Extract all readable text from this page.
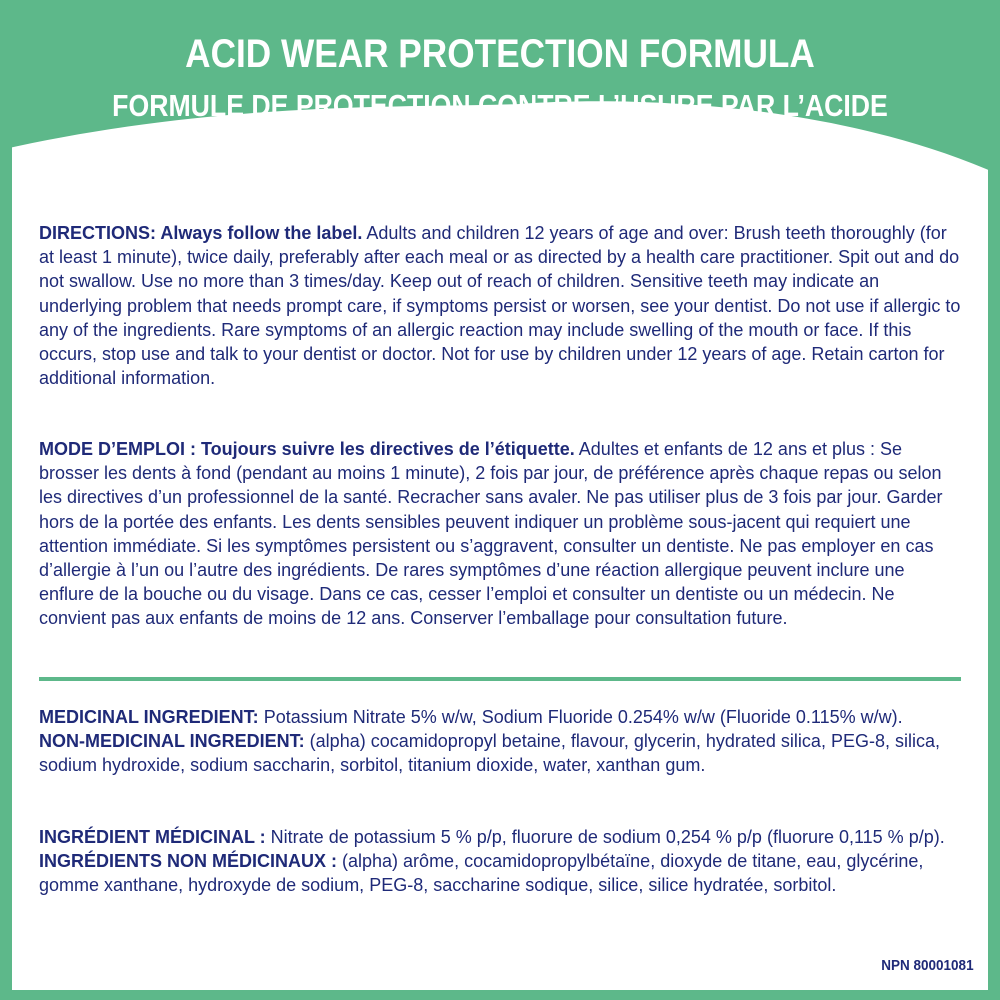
ACID WEAR PROTECTION FORMULA
FORMULE DE PROTECTION CONTRE L’USURE PAR L’ACIDE

DIRECTIONS: Always follow the label. Adults and children 12 years of age and over: Brush teeth thoroughly (for at least 1 minute), twice daily, preferably after each meal or as directed by a health care practitioner. Spit out and do not swallow. Use no more than 3 times/day. Keep out of reach of children. Sensitive teeth may indicate an underlying problem that needs prompt care, if symptoms persist or worsen, see your dentist. Do not use if allergic to any of the ingredients. Rare symptoms of an allergic reaction may include swelling of the mouth or face. If this occurs, stop use and talk to your dentist or doctor. Not for use by children under 12 years of age. Retain carton for additional information.

MODE D’EMPLOI : Toujours suivre les directives de l’étiquette. Adultes et enfants de 12 ans et plus : Se brosser les dents à fond (pendant au moins 1 minute), 2 fois par jour, de préférence après chaque repas ou selon les directives d’un professionnel de la santé. Recracher sans avaler. Ne pas utiliser plus de 3 fois par jour. Garder hors de la portée des enfants. Les dents sensibles peuvent indiquer un problème sous-jacent qui requiert une attention immédiate. Si les symptômes persistent ou s’aggravent, consulter un dentiste. Ne pas employer en cas d’allergie à l’un ou l’autre des ingrédients. De rares symptômes d’une réaction allergique peuvent inclure une enflure de la bouche ou du visage. Dans ce cas, cesser l’emploi et consulter un dentiste ou un médecin. Ne convient pas aux enfants de moins de 12 ans. Conserver l’emballage pour consultation future.

MEDICINAL INGREDIENT: Potassium Nitrate 5% w/w, Sodium Fluoride 0.254% w/w (Fluoride 0.115% w/w).

NON-MEDICINAL INGREDIENT: (alpha) cocamidopropyl betaine, flavour, glycerin, hydrated silica, PEG-8, silica, sodium hydroxide, sodium saccharin, sorbitol, titanium dioxide, water, xanthan gum.

INGRÉDIENT MÉDICINAL : Nitrate de potassium 5 % p/p, fluorure de sodium 0,254 % p/p (fluorure 0,115 % p/p).

INGRÉDIENTS NON MÉDICINAUX : (alpha) arôme, cocamidopropylbétaïne, dioxyde de titane, eau, glycérine, gomme xanthane, hydroxyde de sodium, PEG-8, saccharine sodique, silice, silice hydratée, sorbitol.

NPN 80001081
